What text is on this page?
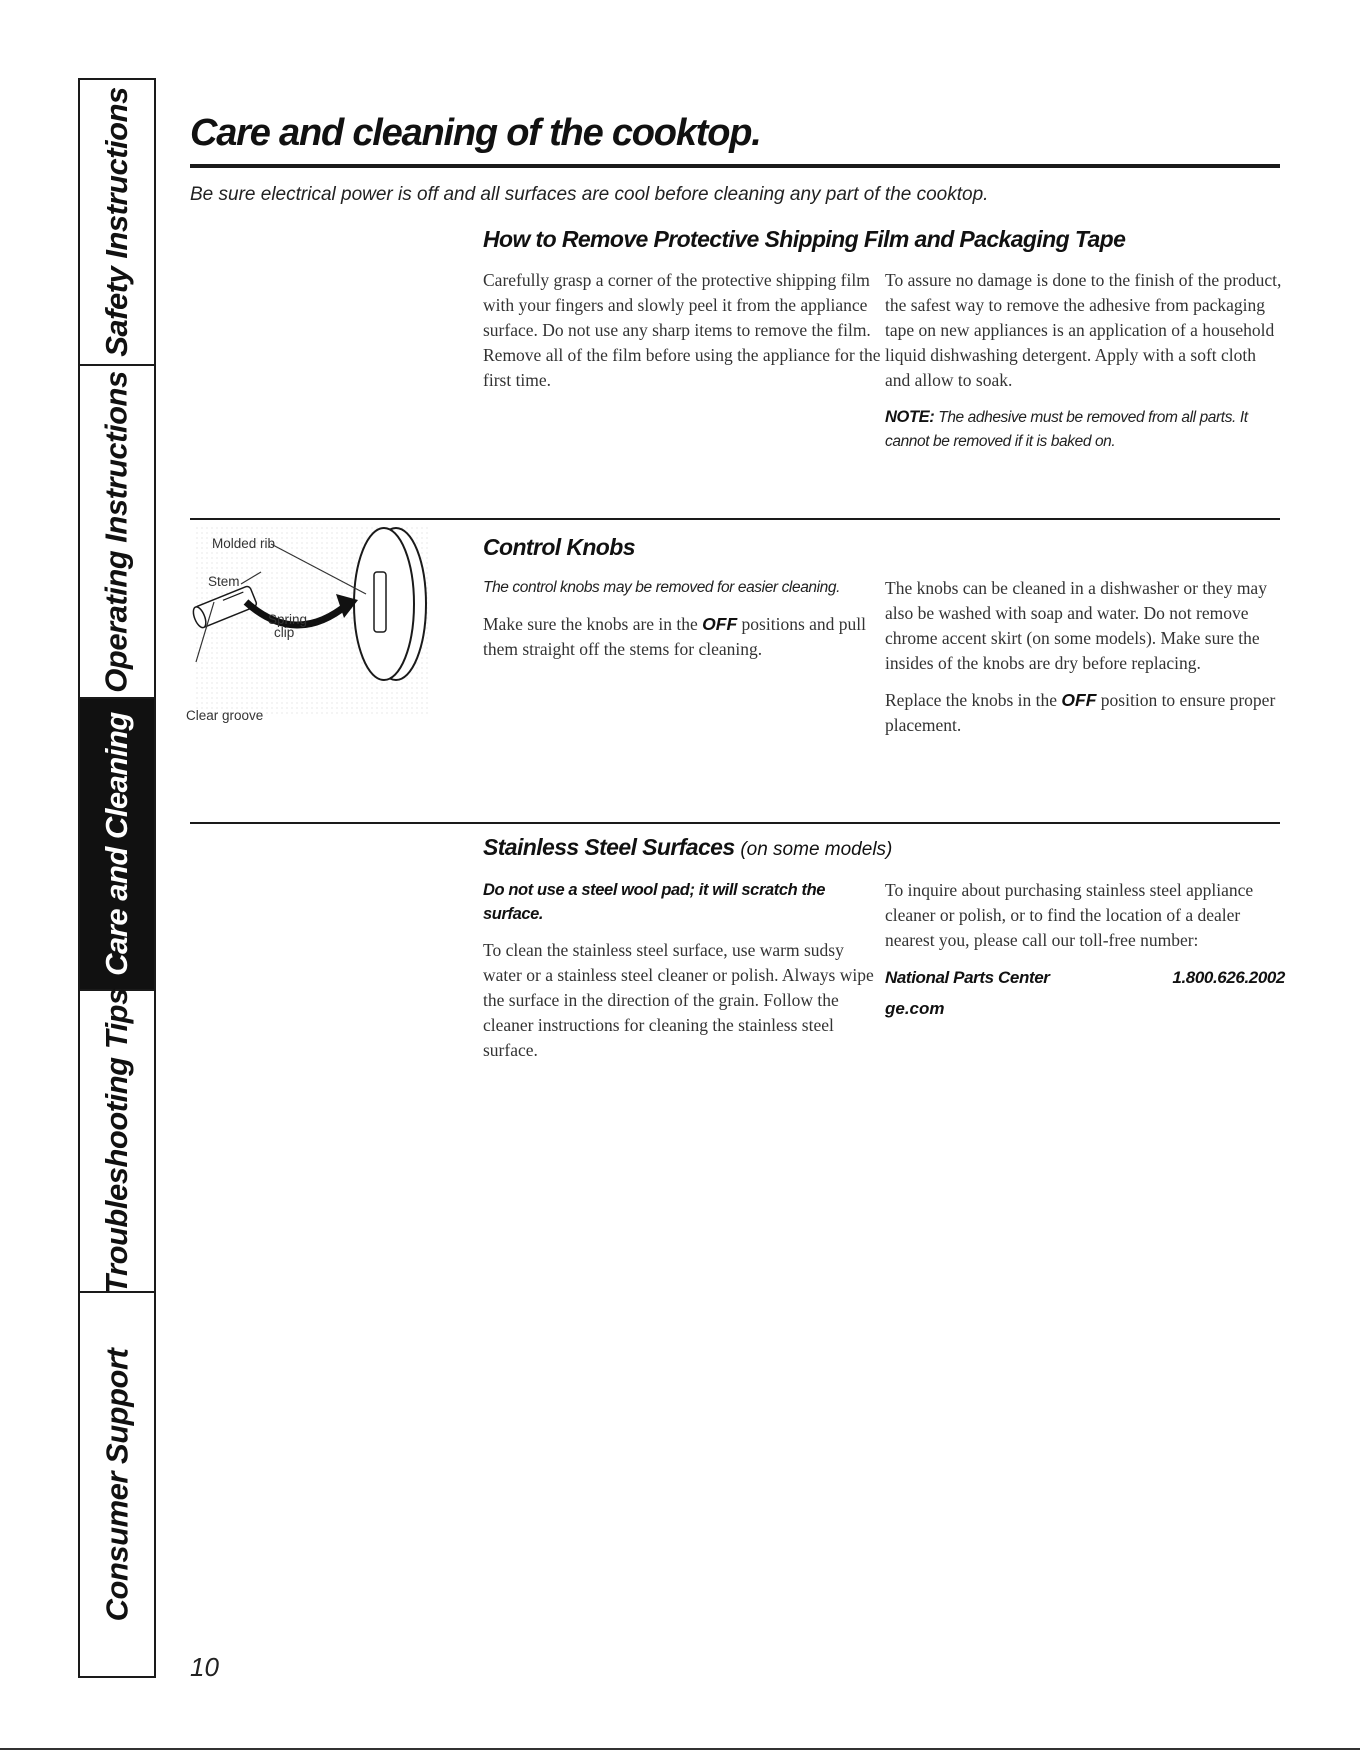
Safety Instructions
Operating Instructions
Care and Cleaning
Troubleshooting Tips
Consumer Support
Care and cleaning of the cooktop.

Be sure electrical power is off and all surfaces are cool before cleaning any part of the cooktop.

How to Remove Protective Shipping Film and Packaging Tape

Carefully grasp a corner of the protective shipping film with your fingers and slowly peel it from the appliance surface. Do not use any sharp items to remove the film. Remove all of the film before using the appliance for the first time.

To assure no damage is done to the finish of the product, the safest way to remove the adhesive from packaging tape on new appliances is an application of a household liquid dishwashing detergent. Apply with a soft cloth and allow to soak.

NOTE: The adhesive must be removed from all parts. It cannot be removed if it is baked on.

Molded rib
Stem
Spring
clip
Clear groove
Control Knobs

The control knobs may be removed for easier cleaning.

Make sure the knobs are in the OFF positions and pull them straight off the stems for cleaning.

The knobs can be cleaned in a dishwasher or they may also be washed with soap and water. Do not remove chrome accent skirt (on some models). Make sure the insides of the knobs are dry before replacing.

Replace the knobs in the OFF position to ensure proper placement.

Stainless Steel Surfaces (on some models)

Do not use a steel wool pad; it will scratch the surface.

To clean the stainless steel surface, use warm sudsy water or a stainless steel cleaner or polish. Always wipe the surface in the direction of the grain. Follow the cleaner instructions for cleaning the stainless steel surface.

To inquire about purchasing stainless steel appliance cleaner or polish, or to find the location of a dealer nearest you, please call our toll-free number:

National Parts Center	1.800.626.2002
ge.com
10
